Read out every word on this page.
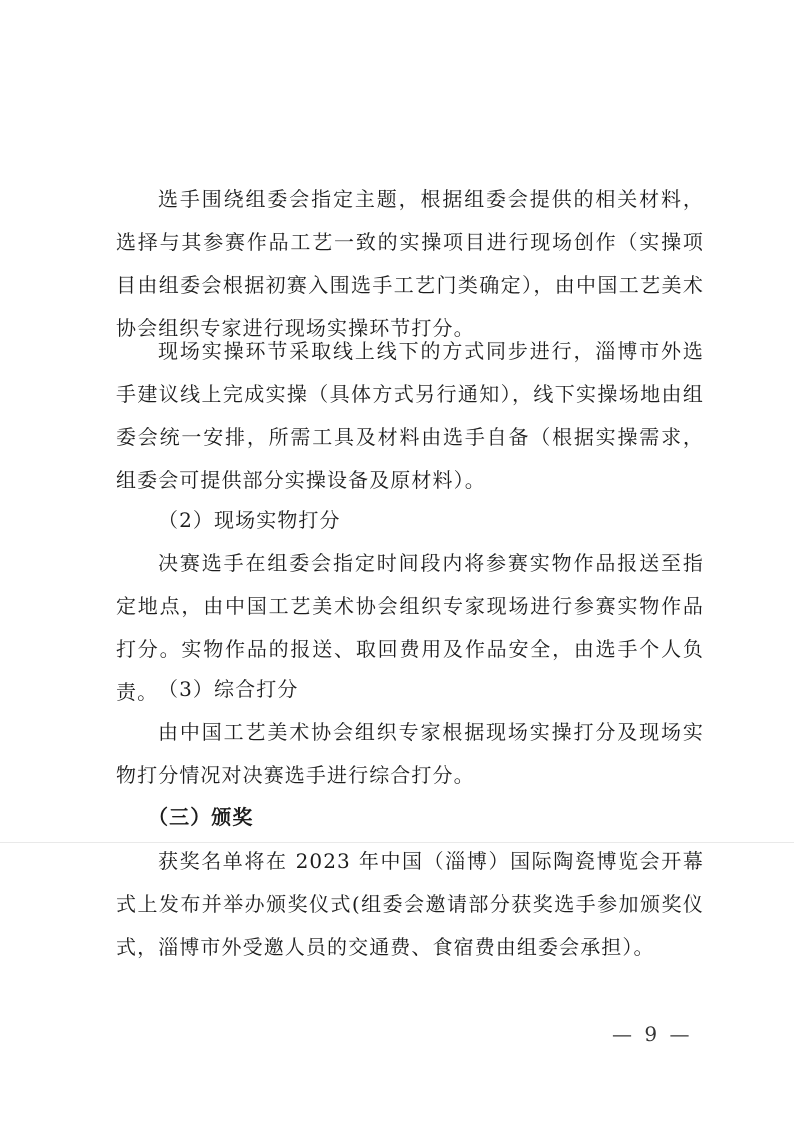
选手围绕组委会指定主题，根据组委会提供的相关材料，选择与其参赛作品工艺一致的实操项目进行现场创作（实操项目由组委会根据初赛入围选手工艺门类确定），由中国工艺美术协会组织专家进行现场实操环节打分。

现场实操环节采取线上线下的方式同步进行，淄博市外选手建议线上完成实操（具体方式另行通知），线下实操场地由组委会统一安排，所需工具及材料由选手自备（根据实操需求，组委会可提供部分实操设备及原材料）。

（2）现场实物打分

决赛选手在组委会指定时间段内将参赛实物作品报送至指定地点，由中国工艺美术协会组织专家现场进行参赛实物作品打分。实物作品的报送、取回费用及作品安全，由选手个人负责。 （3）综合打分

由中国工艺美术协会组织专家根据现场实操打分及现场实物打分情况对决赛选手进行综合打分。

（三）颁奖

获奖名单将在 2023 年中国（淄博）国际陶瓷博览会开幕式上发布并举办颁奖仪式(组委会邀请部分获奖选手参加颁奖仪式，淄博市外受邀人员的交通费、食宿费由组委会承担）。

— 9 —
